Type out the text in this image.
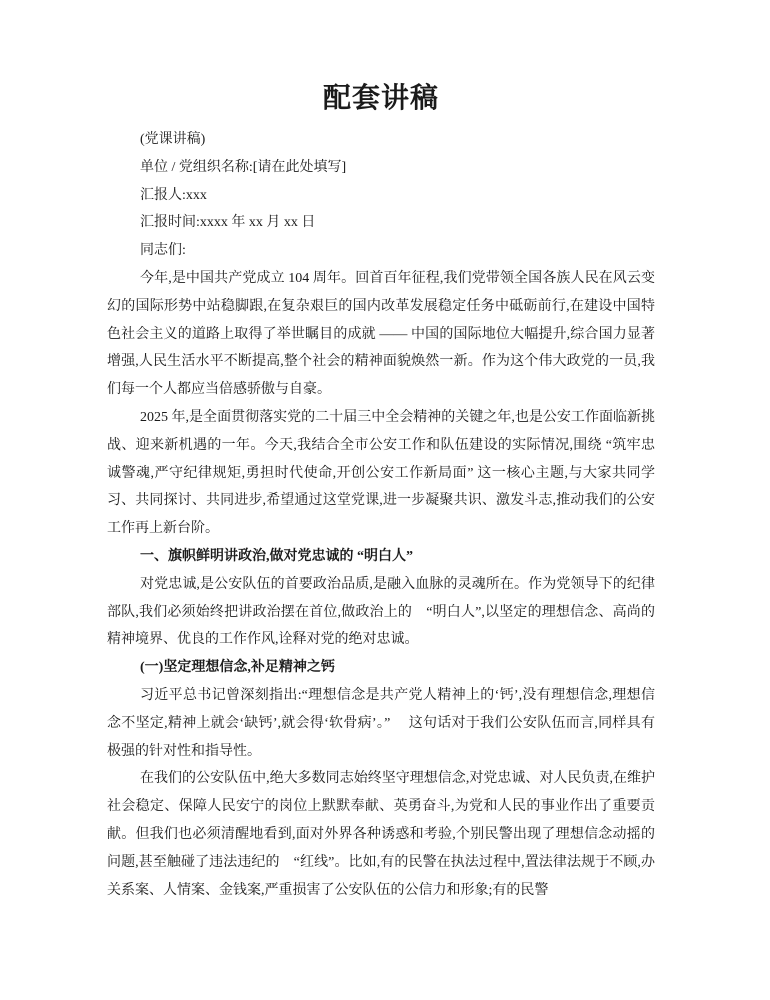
配套讲稿

(党课讲稿)

单位 / 党组织名称:[请在此处填写]

汇报人:xxx

汇报时间:xxxx 年 xx 月 xx 日

同志们:

今年,是中国共产党成立 104 周年。回首百年征程,我们党带领全国各族人民在风云变幻的国际形势中站稳脚跟,在复杂艰巨的国内改革发展稳定任务中砥砺前行,在建设中国特色社会主义的道路上取得了举世瞩目的成就 —— 中国的国际地位大幅提升,综合国力显著增强,人民生活水平不断提高,整个社会的精神面貌焕然一新。作为这个伟大政党的一员,我们每一个人都应当倍感骄傲与自豪。

2025 年,是全面贯彻落实党的二十届三中全会精神的关键之年,也是公安工作面临新挑战、迎来新机遇的一年。今天,我结合全市公安工作和队伍建设的实际情况,围绕 “筑牢忠诚警魂,严守纪律规矩,勇担时代使命,开创公安工作新局面” 这一核心主题,与大家共同学习、共同探讨、共同进步,希望通过这堂党课,进一步凝聚共识、激发斗志,推动我们的公安工作再上新台阶。

一、旗帜鲜明讲政治,做对党忠诚的 “明白人”

对党忠诚,是公安队伍的首要政治品质,是融入血脉的灵魂所在。作为党领导下的纪律部队,我们必须始终把讲政治摆在首位,做政治上的　“明白人”,以坚定的理想信念、高尚的精神境界、优良的工作作风,诠释对党的绝对忠诚。

(一)坚定理想信念,补足精神之钙

习近平总书记曾深刻指出:“理想信念是共产党人精神上的‘钙’,没有理想信念,理想信念不坚定,精神上就会‘缺钙’,就会得‘软骨病’。”　 这句话对于我们公安队伍而言,同样具有极强的针对性和指导性。

在我们的公安队伍中,绝大多数同志始终坚守理想信念,对党忠诚、对人民负责,在维护社会稳定、保障人民安宁的岗位上默默奉献、英勇奋斗,为党和人民的事业作出了重要贡献。但我们也必须清醒地看到,面对外界各种诱惑和考验,个别民警出现了理想信念动摇的问题,甚至触碰了违法违纪的　“红线”。比如,有的民警在执法过程中,置法律法规于不顾,办关系案、人情案、金钱案,严重损害了公安队伍的公信力和形象;有的民警
